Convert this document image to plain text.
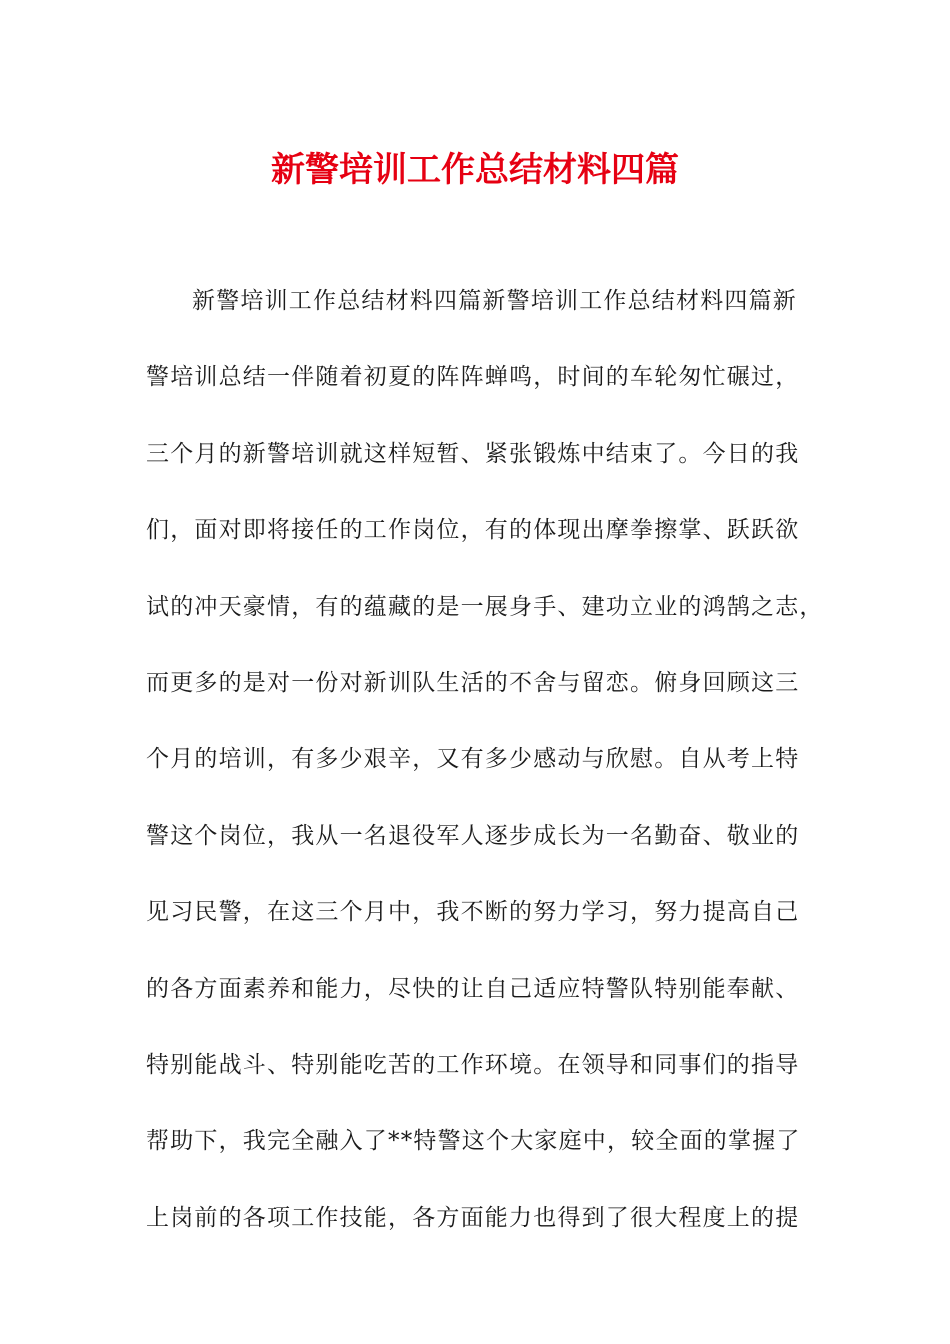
新警培训工作总结材料四篇
新警培训工作总结材料四篇新警培训工作总结材料四篇新
警培训总结一伴随着初夏的阵阵蝉鸣，时间的车轮匆忙碾过，
三个月的新警培训就这样短暂、紧张锻炼中结束了。今日的我
们，面对即将接任的工作岗位，有的体现出摩拳擦掌、跃跃欲
试的冲天豪情，有的蕴藏的是一展身手、建功立业的鸿鹄之志，
而更多的是对一份对新训队生活的不舍与留恋。俯身回顾这三
个月的培训，有多少艰辛，又有多少感动与欣慰。自从考上特
警这个岗位，我从一名退役军人逐步成长为一名勤奋、敬业的
见习民警，在这三个月中，我不断的努力学习，努力提高自己
的各方面素养和能力，尽快的让自己适应特警队特别能奉献、
特别能战斗、特别能吃苦的工作环境。在领导和同事们的指导
帮助下，我完全融入了**特警这个大家庭中，较全面的掌握了
上岗前的各项工作技能，各方面能力也得到了很大程度上的提
